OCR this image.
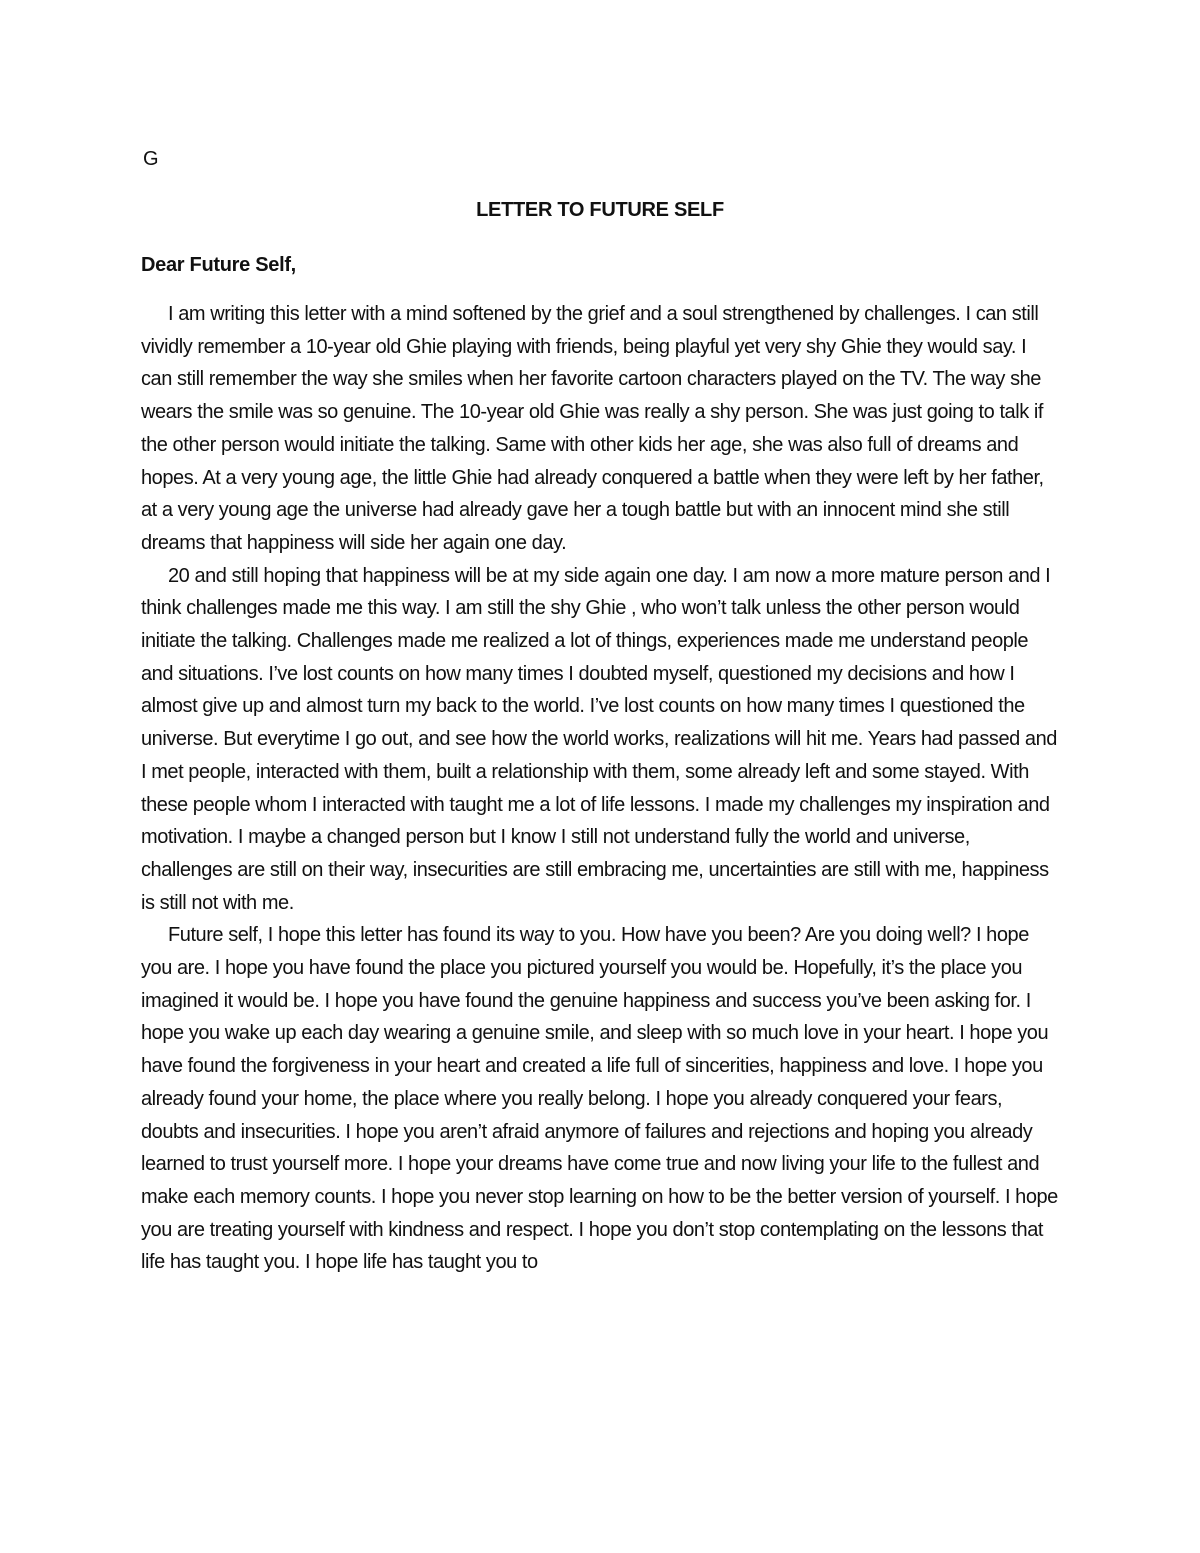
G

LETTER TO FUTURE SELF

Dear Future Self,

I am writing this letter with a mind softened by the grief and a soul strengthened by challenges. I can still vividly remember a 10-year old Ghie playing with friends, being playful yet very shy Ghie they would say. I can still remember the way she smiles when her favorite cartoon characters played on the TV. The way she wears the smile was so genuine. The 10-year old Ghie was really a shy person. She was just going to talk if the other person would initiate the talking. Same with other kids her age, she was also full of dreams and hopes. At a very young age, the little Ghie had already conquered a battle when they were left by her father, at a very young age the universe had already gave her a tough battle but with an innocent mind she still dreams that happiness will side her again one day.

20 and still hoping that happiness will be at my side again one day. I am now a more mature person and I think challenges made me this way. I am still the shy Ghie , who won’t talk unless the other person would initiate the talking. Challenges made me realized a lot of things, experiences made me understand people and situations. I’ve lost counts on how many times I doubted myself, questioned my decisions and how I almost give up and almost turn my back to the world. I’ve lost counts on how many times I questioned the universe. But everytime I go out, and see how the world works, realizations will hit me. Years had passed and I met people, interacted with them, built a relationship with them, some already left and some stayed. With these people whom I interacted with taught me a lot of life lessons. I made my challenges my inspiration and motivation. I maybe a changed person but I know I still not understand fully the world and universe, challenges are still on their way, insecurities are still embracing me, uncertainties are still with me, happiness is still not with me.

Future self, I hope this letter has found its way to you. How have you been? Are you doing well? I hope you are. I hope you have found the place you pictured yourself you would be. Hopefully, it’s the place you imagined it would be. I hope you have found the genuine happiness and success you’ve been asking for. I hope you wake up each day wearing a genuine smile, and sleep with so much love in your heart. I hope you have found the forgiveness in your heart and created a life full of sincerities, happiness and love. I hope you already found your home, the place where you really belong. I hope you already conquered your fears, doubts and insecurities. I hope you aren’t afraid anymore of failures and rejections and hoping you already learned to trust yourself more. I hope your dreams have come true and now living your life to the fullest and make each memory counts. I hope you never stop learning on how to be the better version of yourself. I hope you are treating yourself with kindness and respect. I hope you don’t stop contemplating on the lessons that life has taught you. I hope life has taught you to
